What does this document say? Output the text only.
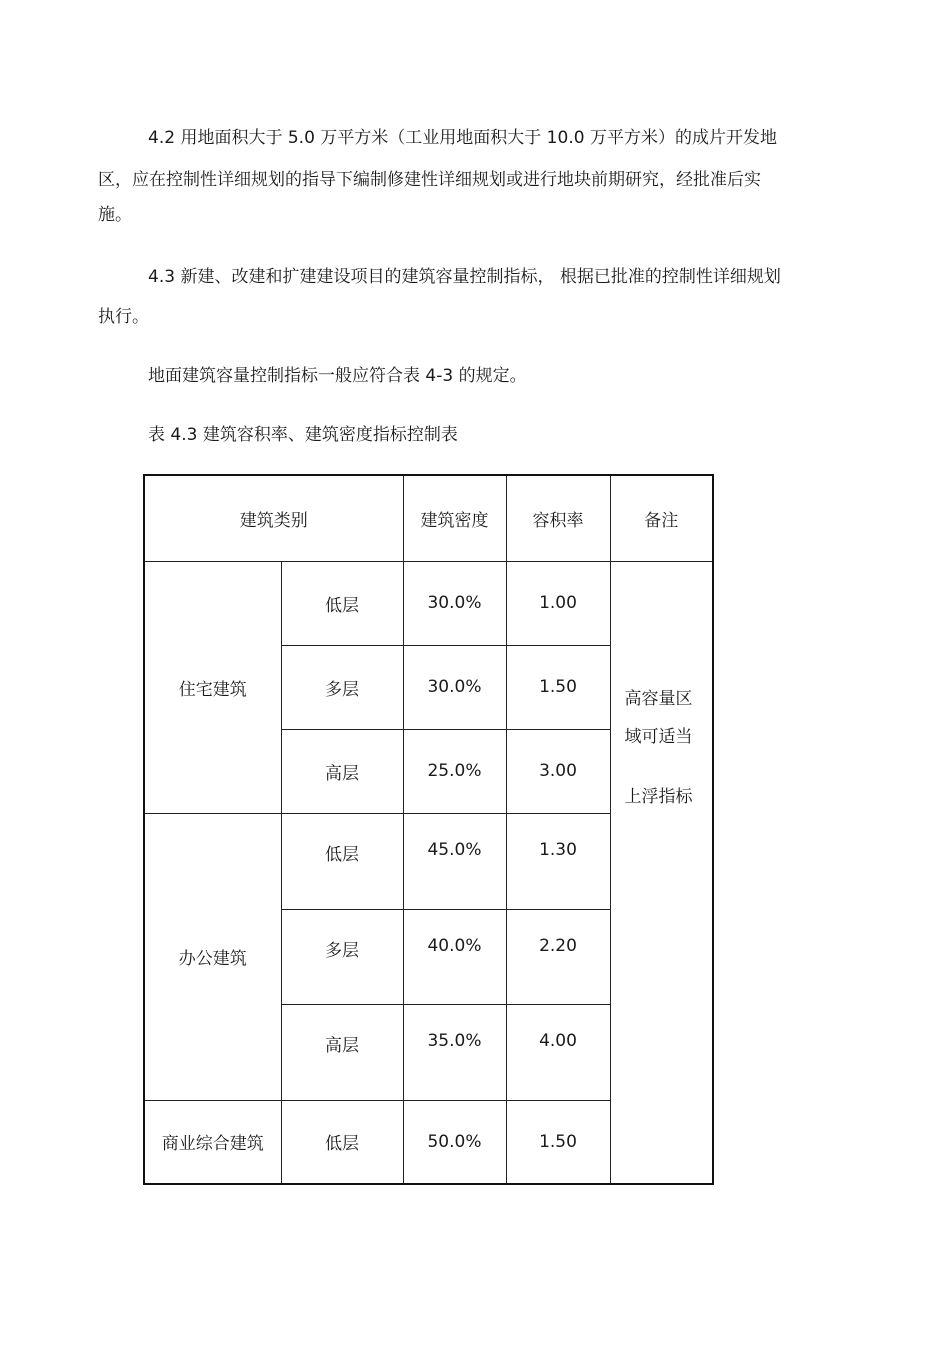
4.2 用地面积大于 5.0 万平方米（工业用地面积大于 10.0 万平方米）的成片开发地
区，应在控制性详细规划的指导下编制修建性详细规划或进行地块前期研究，经批准后实
施。
4.3 新建、改建和扩建建设项目的建筑容量控制指标， 根据已批准的控制性详细规划
执行。
地面建筑容量控制指标一般应符合表 4-3 的规定。
表 4.3 建筑容积率、建筑密度指标控制表
建筑类别		建筑密度	容积率	备注
住宅建筑	低层	30.0%	1.00	高容量区
域可适当

上浮指标

	多层	30.0%	1.50	
	高层	25.0%	3.00	
办公建筑	低层	45.0%	1.30	

	多层	40.0%	2.20	

	高层	35.0%	4.00	

商业综合建筑	低层	50.0%	1.50	
